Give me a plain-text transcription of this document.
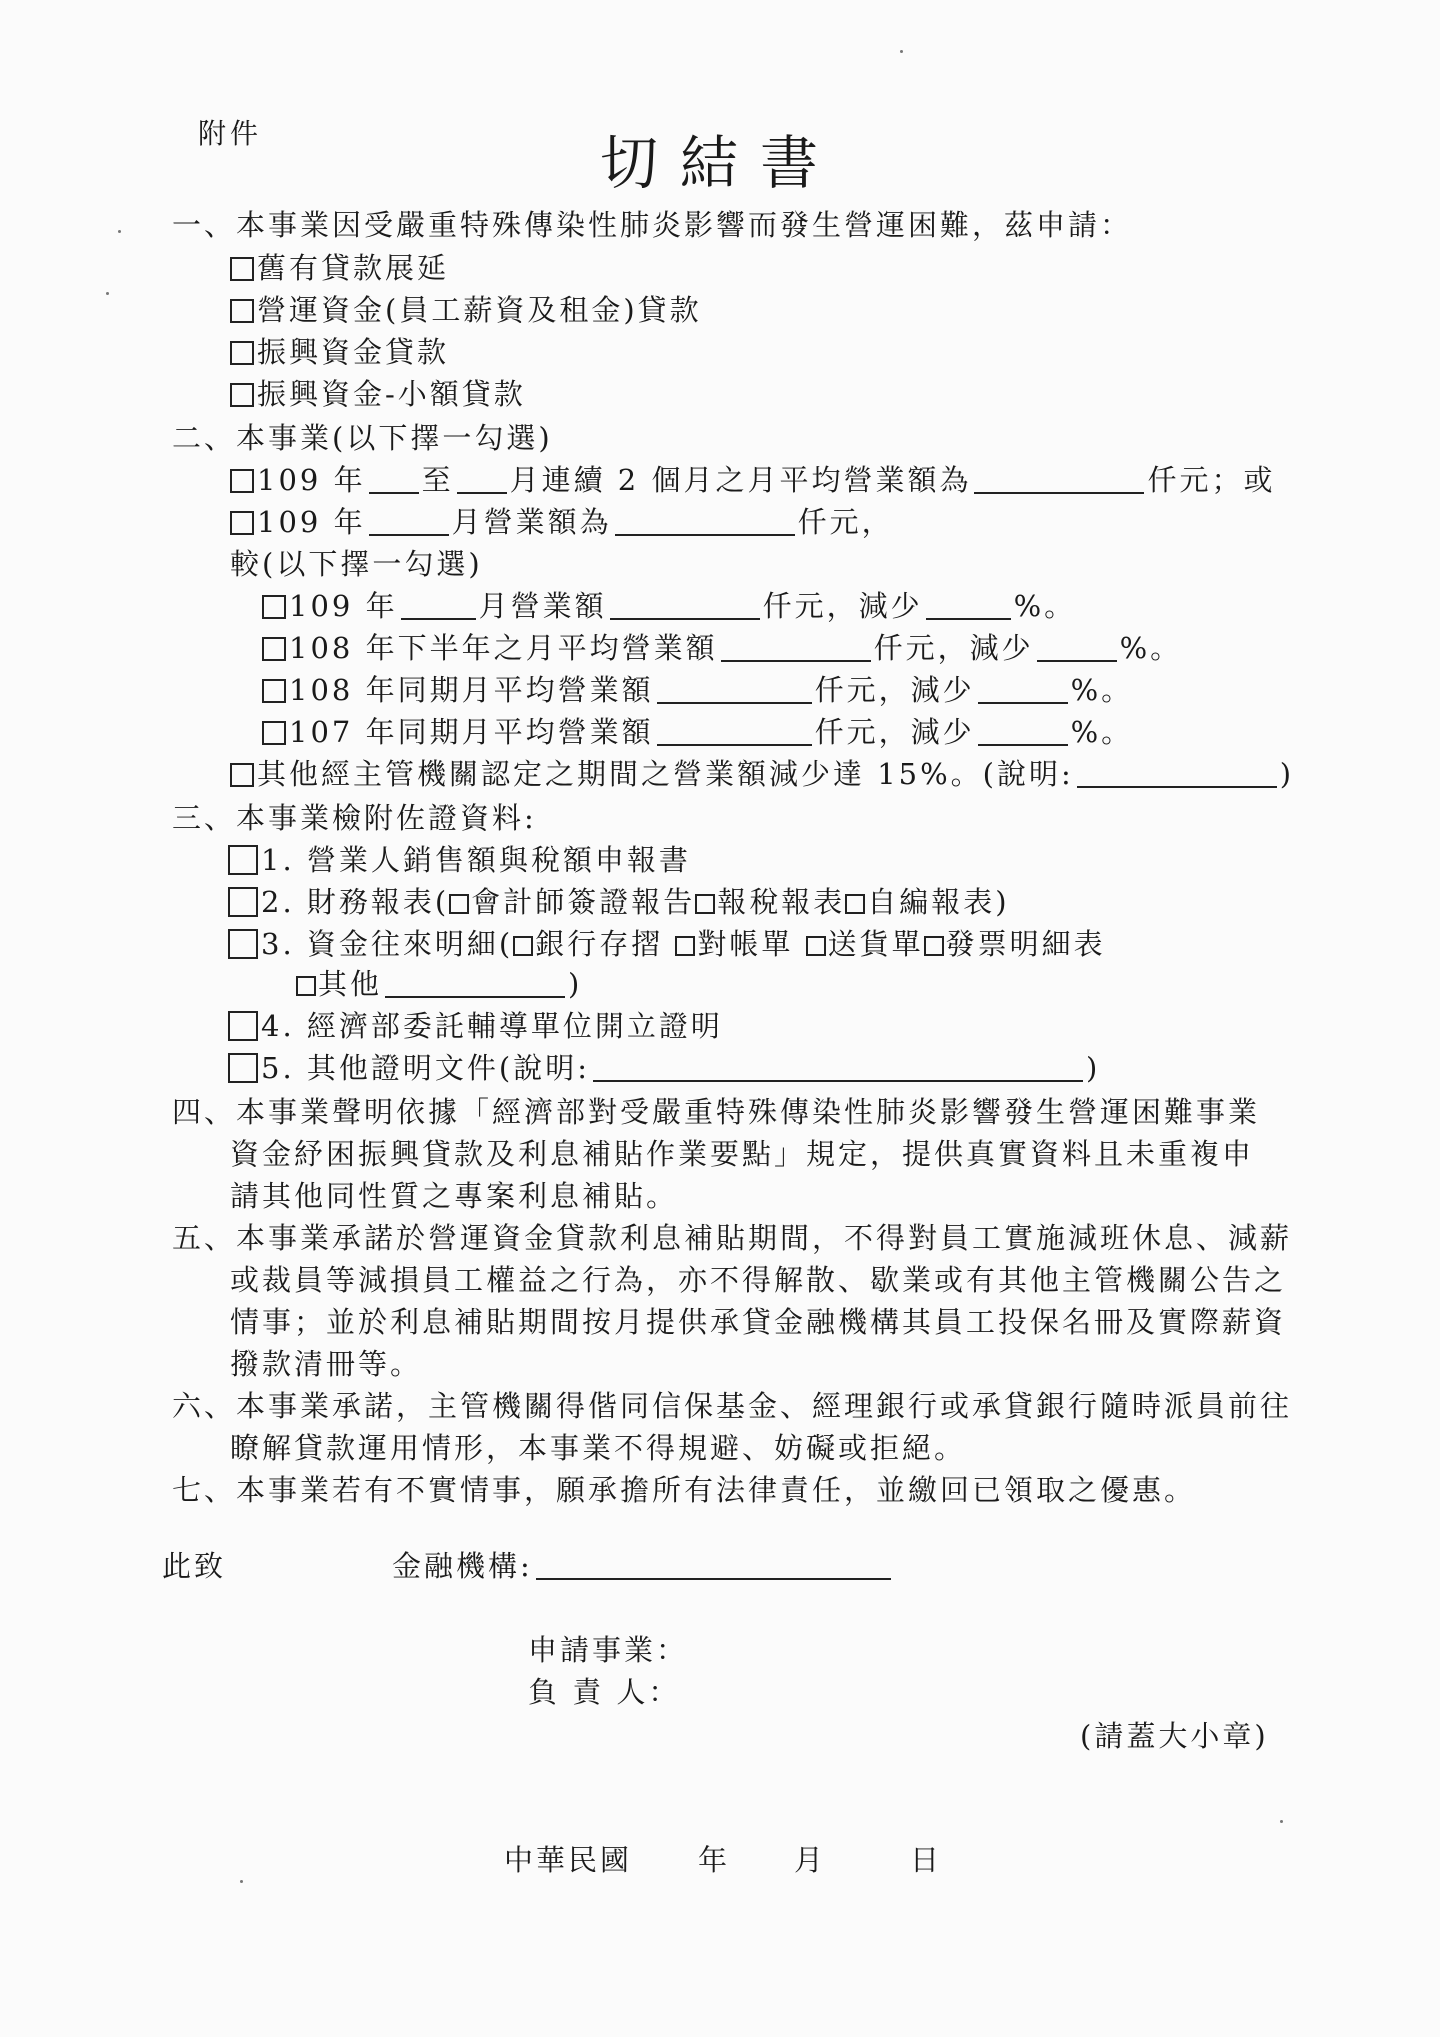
附件	切結書
一、本事業因受嚴重特殊傳染性肺炎影響而發生營運困難，茲申請：
舊有貸款展延
營運資金(員工薪資及租金)貸款
振興資金貸款
振興資金-小額貸款
二、本事業(以下擇一勾選)
109 年 至 月連續 2 個月之月平均營業額為	仟元；或
109 年	月營業額為	仟元，
較(以下擇一勾選)
109 年	月營業額	仟元，減少	%。
108 年下半年之月平均營業額	仟元，減少	%。
108 年同期月平均營業額	仟元，減少	%。
107 年同期月平均營業額	仟元，減少	%。
其他經主管機關認定之期間之營業額減少達 15%。(說明:	)
三、本事業檢附佐證資料:
1. 營業人銷售額與稅額申報書
2. 財務報表( 會計師簽證報告 報稅報表 自編報表)
3. 資金往來明細( 銀行存摺 對帳單 送貨單 發票明細表
其他	)
4. 經濟部委託輔導單位開立證明
5. 其他證明文件(說明:	)
四、本事業聲明依據「經濟部對受嚴重特殊傳染性肺炎影響發生營運困難事業
資金紓困振興貸款及利息補貼作業要點」規定，提供真實資料且未重複申
請其他同性質之專案利息補貼。
五、本事業承諾於營運資金貸款利息補貼期間，不得對員工實施減班休息、減薪
或裁員等減損員工權益之行為，亦不得解散、歇業或有其他主管機關公告之
情事；並於利息補貼期間按月提供承貸金融機構其員工投保名冊及實際薪資
撥款清冊等。
六、本事業承諾，主管機關得偕同信保基金、經理銀行或承貸銀行隨時派員前往
瞭解貸款運用情形，本事業不得規避、妨礙或拒絕。
七、本事業若有不實情事，願承擔所有法律責任，並繳回已領取之優惠。
此致	金融機構:
申請事業：
負 責 人：
(請蓋大小章)
中華民國 年 月	日
